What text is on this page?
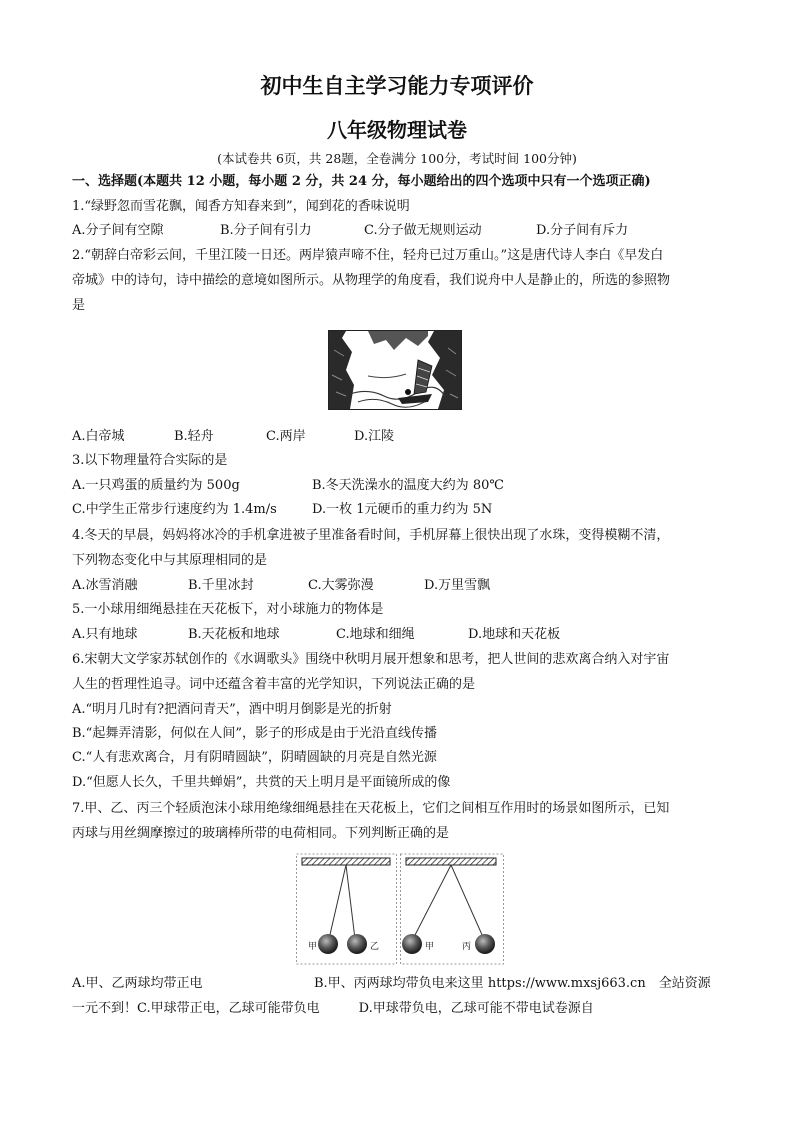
初中生自主学习能力专项评价
八年级物理试卷
(本试卷共 6页，共 28题，全卷满分 100分，考试时间 100分钟)
一、选择题(本题共 12 小题，每小题 2 分，共 24 分，每小题给出的四个选项中只有一个选项正确)
1.“绿野忽而雪花飘，闻香方知春来到”，闻到花的香味说明
A.分子间有空隙	B.分子间有引力	C.分子做无规则运动	D.分子间有斥力
2.“朝辞白帝彩云间，千里江陵一日还。两岸猿声啼不住，轻舟已过万重山。”这是唐代诗人李白《早发白
帝城》中的诗句，诗中描绘的意境如图所示。从物理学的角度看，我们说舟中人是静止的，所选的参照物
是
A.白帝城	B.轻舟	C.两岸	D.江陵
3.以下物理量符合实际的是
A.一只鸡蛋的质量约为 500g	B.冬天洗澡水的温度大约为 80℃
C.中学生正常步行速度约为 1.4m/s	D.一枚 1元硬币的重力约为 5N
4.冬天的早晨，妈妈将冰冷的手机拿进被子里准备看时间，手机屏幕上很快出现了水珠，变得模糊不清，
下列物态变化中与其原理相同的是
A.冰雪消融	B.千里冰封	C.大雾弥漫	D.万里雪飘
5.一小球用细绳悬挂在天花板下，对小球施力的物体是
A.只有地球	B.天花板和地球	C.地球和细绳	D.地球和天花板
6.宋朝大文学家苏轼创作的《水调歌头》围绕中秋明月展开想象和思考，把人世间的悲欢离合纳入对宇宙
人生的哲理性追寻。词中还蕴含着丰富的光学知识，下列说法正确的是
A.“明月几时有?把酒问青天”，酒中明月倒影是光的折射
B.“起舞弄清影，何似在人间”，影子的形成是由于光沿直线传播
C.“人有悲欢离合，月有阴晴圆缺”，阴晴圆缺的月亮是自然光源
D.“但愿人长久，千里共蝉娟”，共赏的天上明月是平面镜所成的像
7.甲、乙、丙三个轻质泡沫小球用绝缘细绳悬挂在天花板上，它们之间相互作用时的场景如图所示，已知
丙球与用丝绸摩擦过的玻璃棒所带的电荷相同。下列判断正确的是
甲	乙	甲	丙
A.甲、乙两球均带正电	B.甲、丙两球均带负电来这里 https://www.mxsj663.cn　全站资源
一元不到！C.甲球带正电，乙球可能带负电　　　D.甲球带负电，乙球可能不带电试卷源自
